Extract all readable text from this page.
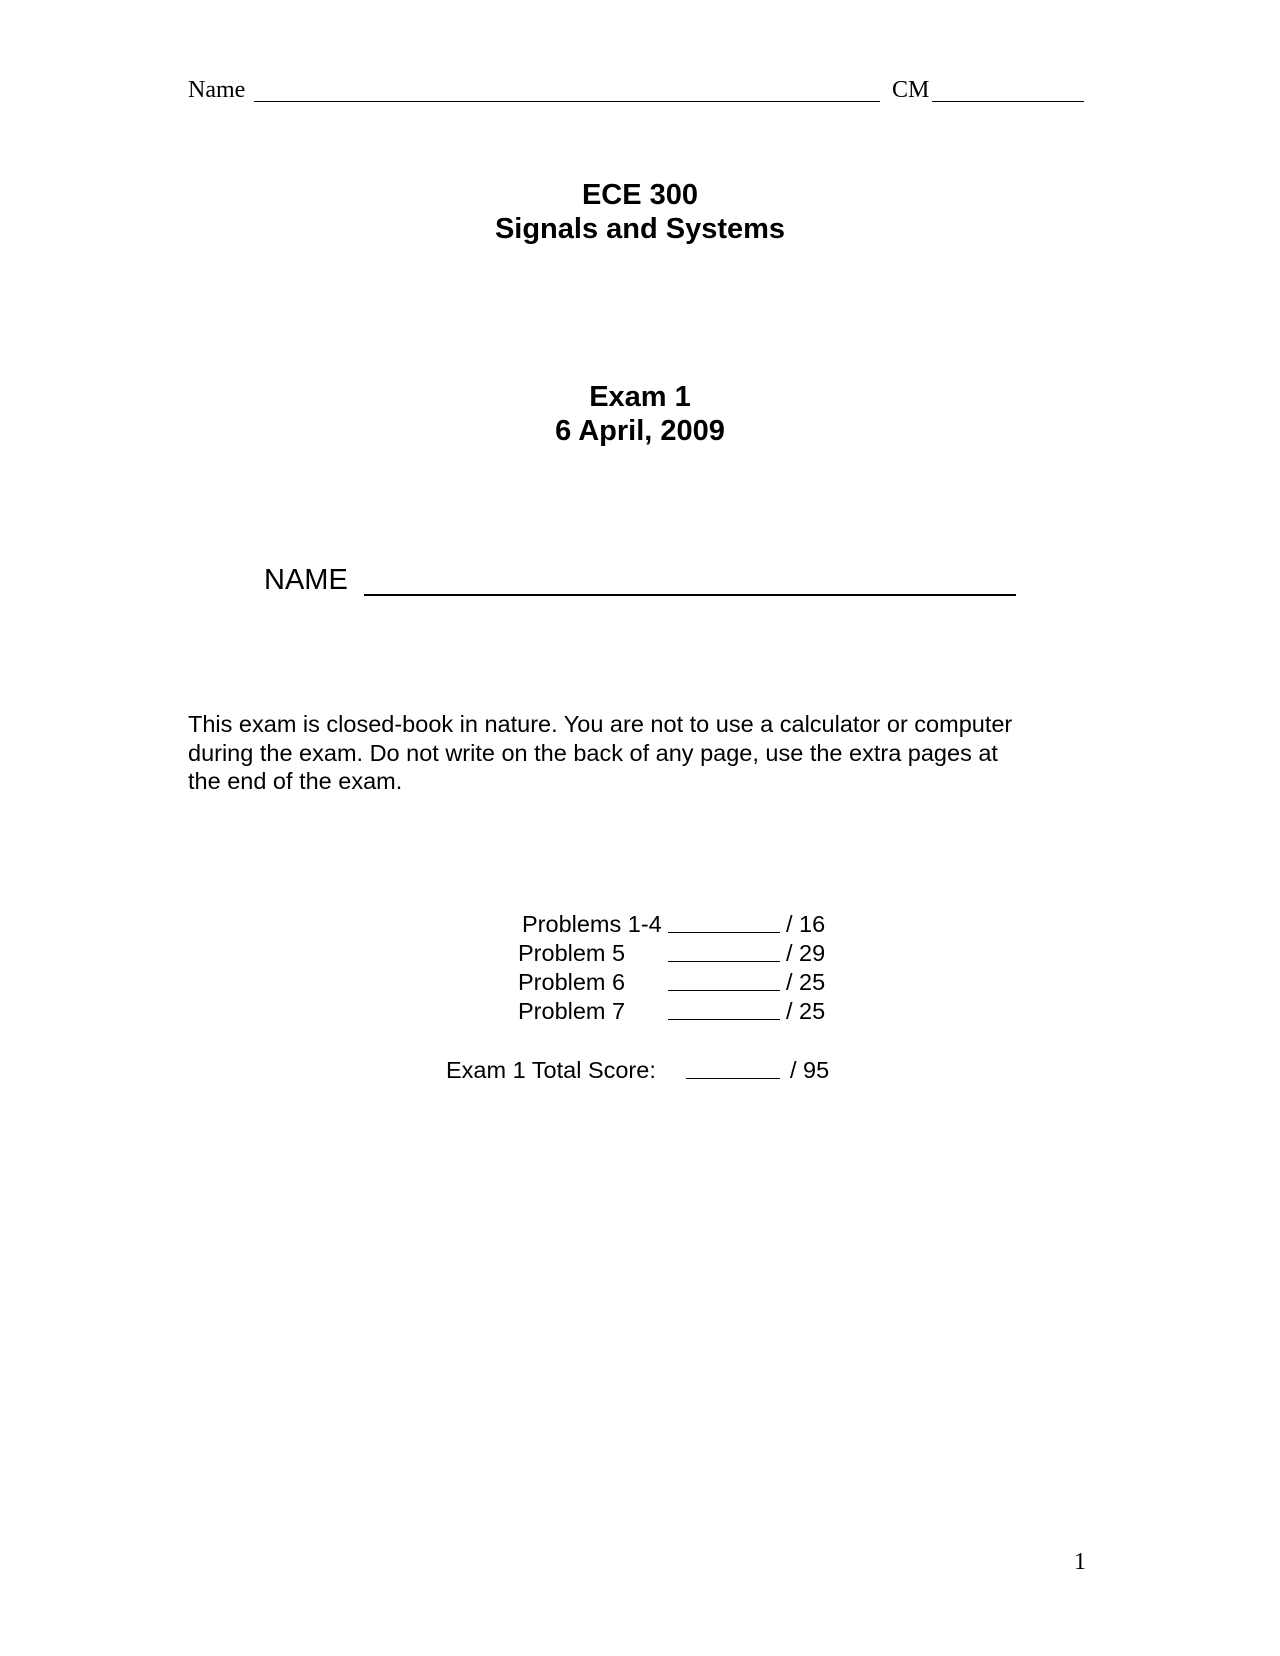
Name	CM
ECE 300
Signals and Systems
Exam 1
6 April, 2009
NAME
This exam is closed-book in nature. You are not to use a calculator or computer
during the exam. Do not write on the back of any page, use the extra pages at
the end of the exam.
Problems 1-4	/ 16
Problem 5	/ 29
Problem 6	/ 25
Problem 7	/ 25
Exam 1 Total Score:	/ 95
1
